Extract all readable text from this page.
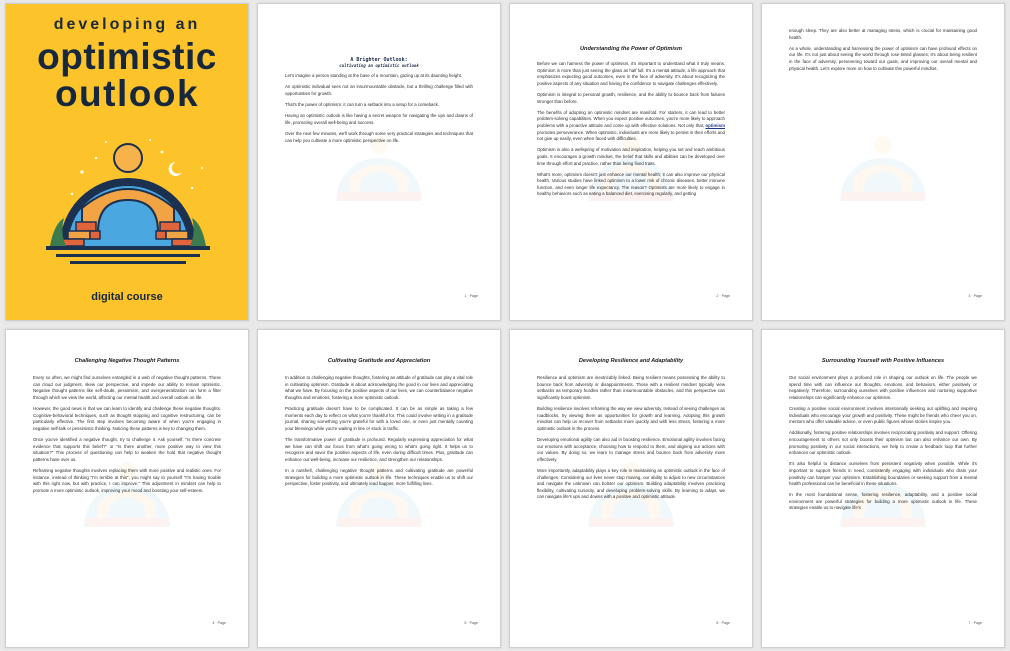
developing an
optimistic
outlook
digital course
A Brighter Outlook:
cultivating an optimistic outlook

Let's imagine a person standing at the base of a mountain, gazing up at its daunting height.

An optimistic individual sees not an insurmountable obstacle, but a thrilling challenge filled with opportunities for growth.

That's the power of optimism: it can turn a setback into a setup for a comeback.

Having an optimistic outlook is like having a secret weapon for navigating the ups and downs of life, promoting overall well-being and success.

Over the next few minutes, we'll work through some very practical strategies and techniques that can help you cultivate a more optimistic perspective on life.

1 · Page
Understanding the Power of Optimism

Before we can harness the power of optimism, it's important to understand what it truly means. Optimism is more than just seeing the glass as half full. It's a mental attitude, a life approach that emphasizes expecting good outcomes, even in the face of adversity. It's about recognizing the positive aspects of any situation and having the confidence to navigate challenges effectively.

Optimism is integral to personal growth, resilience, and the ability to bounce back from failures stronger than before.

The benefits of adopting an optimistic mindset are manifold. For starters, it can lead to better problem-solving capabilities. When you expect positive outcomes, you're more likely to approach problems with a proactive attitude and come up with effective solutions. Not only that, optimism promotes perseverance. When optimistic, individuals are more likely to persist in their efforts and not give up easily, even when faced with difficulties.

Optimism is also a wellspring of motivation and inspiration, helping you set and reach ambitious goals. It encourages a growth mindset, the belief that skills and abilities can be developed over time through effort and practice, rather than being fixed traits.

What's more, optimism doesn't just enhance our mental health; it can also improve our physical health. Various studies have linked optimism to a lower risk of chronic diseases, better immune function, and even longer life expectancy. The reason? Optimists are more likely to engage in healthy behaviors such as eating a balanced diet, exercising regularly, and getting

2 · Page

enough sleep. They are also better at managing stress, which is crucial for maintaining good health.

As a whole, understanding and harnessing the power of optimism can have profound effects on our life. It's not just about seeing the world through rose-tinted glasses; it's about being resilient in the face of adversity, persevering toward our goals, and improving our overall mental and physical health. Let's explore more on how to cultivate this powerful mindset.

3 · Page
Challenging Negative Thought Patterns

Every so often, we might find ourselves entangled in a web of negative thought patterns. These can cloud our judgment, skew our perspective, and impede our ability to remain optimistic. Negative thought patterns like self-doubt, pessimism, and overgeneralization can form a filter through which we view the world, affecting our mental health and overall outlook on life.

However, the good news is that we can learn to identify and challenge these negative thoughts. Cognitive-behavioral techniques, such as thought stopping and cognitive restructuring, can be particularly effective. The first step involves becoming aware of when you're engaging in negative self-talk or pessimistic thinking. Noticing these patterns is key to changing them.

Once you've identified a negative thought, try to challenge it. Ask yourself, "Is there concrete evidence that supports this belief?" or "Is there another, more positive way to view this situation?" This process of questioning can help to weaken the hold that negative thought patterns have over us.

Reframing negative thoughts involves replacing them with more positive and realistic ones. For instance, instead of thinking "I'm terrible at this", you might say to yourself "I'm having trouble with this right now, but with practice, I can improve." This adjustment in mindset can help to promote a more optimistic outlook, improving your mood and boosting your self-esteem.

4 · Page
Cultivating Gratitude and Appreciation

In addition to challenging negative thoughts, fostering an attitude of gratitude can play a vital role in cultivating optimism. Gratitude is about acknowledging the good in our lives and appreciating what we have. By focusing on the positive aspects of our lives, we can counterbalance negative thoughts and emotions, fostering a more optimistic outlook.

Practicing gratitude doesn't have to be complicated. It can be as simple as taking a few moments each day to reflect on what you're thankful for. This could involve writing in a gratitude journal, sharing something you're grateful for with a loved one, or even just mentally counting your blessings while you're waiting in line or stuck in traffic.

The transformative power of gratitude is profound. Regularly expressing appreciation for what we have can shift our focus from what's going wrong to what's going right. It helps us to recognize and savor the positive aspects of life, even during difficult times. Plus, gratitude can enhance our well-being, increase our resilience, and strengthen our relationships.

In a nutshell, challenging negative thought patterns and cultivating gratitude are powerful strategies for building a more optimistic outlook in life. These techniques enable us to shift our perspective, foster positivity, and ultimately lead happier, more fulfilling lives.

5 · Page
Developing Resilience and Adaptability

Resilience and optimism are inextricably linked. Being resilient means possessing the ability to bounce back from adversity or disappointments. Those with a resilient mindset typically view setbacks as temporary hurdles rather than insurmountable obstacles, and this perspective can significantly boost optimism.

Building resilience involves reframing the way we view adversity. Instead of seeing challenges as roadblocks, try viewing them as opportunities for growth and learning. Adopting this growth mindset can help us recover from setbacks more quickly and with less stress, fostering a more optimistic outlook in the process.

Developing emotional agility can also aid in boosting resilience. Emotional agility involves facing our emotions with acceptance, choosing how to respond to them, and aligning our actions with our values. By doing so, we learn to manage stress and bounce back from adversity more effectively.

More importantly, adaptability plays a key role in maintaining an optimistic outlook in the face of challenges. Considering our lives never stop moving, our ability to adjust to new circumstances and navigate the unknown can bolster our optimism. Building adaptability involves practicing flexibility, cultivating curiosity, and developing problem-solving skills. By learning to adapt, we can navigate life's ups and downs with a positive and optimistic attitude.

6 · Page
Surrounding Yourself with Positive Influences

Our social environment plays a profound role in shaping our outlook on life. The people we spend time with can influence our thoughts, emotions, and behaviors, either positively or negatively. Therefore, surrounding ourselves with positive influences and nurturing supportive relationships can significantly enhance our optimism.

Creating a positive social environment involves intentionally seeking out uplifting and inspiring individuals who encourage your growth and positivity. These might be friends who cheer you on, mentors who offer valuable advice, or even public figures whose stories inspire you.

Additionally, fostering positive relationships involves reciprocating positivity and support. Offering encouragement to others not only boosts their optimism but can also enhance our own. By promoting positivity in our social interactions, we help to create a feedback loop that further enhances our optimistic outlook.

It's also helpful to distance ourselves from persistent negativity when possible. While it's important to support friends in need, consistently engaging with individuals who drain your positivity can hamper your optimism. Establishing boundaries or seeking support from a mental health professional can be beneficial in these situations.

In the most foundational sense, fostering resilience, adaptability, and a positive social environment are powerful strategies for building a more optimistic outlook in life. These strategies enable us to navigate life's

7 · Page
